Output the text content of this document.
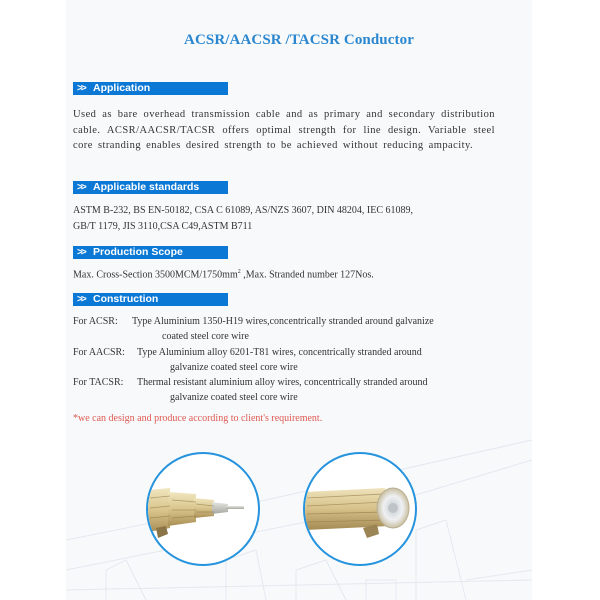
ACSR/AACSR /TACSR Conductor
>> Application
Used as bare overhead transmission cable and as primary and secondary distribution cable. ACSR/AACSR/TACSR offers optimal strength for line design. Variable steel core stranding enables desired strength to be achieved without reducing ampacity.
>> Applicable standards
ASTM B-232, BS EN-50182, CSA C 61089, AS/NZS 3607, DIN 48204, IEC 61089,
GB/T 1179, JIS 3110,CSA C49,ASTM B711
>> Production Scope
Max. Cross-Section $3500MCM/1750mm^2$ ,Max. Stranded number 127Nos.
>> Construction
For ACSR: Type Aluminium 1350-H19 wires,concentrically stranded around galvanize
coated steel core wire
For AACSR: Type Aluminium alloy 6201-T81 wires, concentrically stranded around
galvanize coated steel core wire
For TACSR: Thermal resistant aluminium alloy wires, concentrically stranded around
galvanize coated steel core wire
*we can design and produce according to client's requirement.
